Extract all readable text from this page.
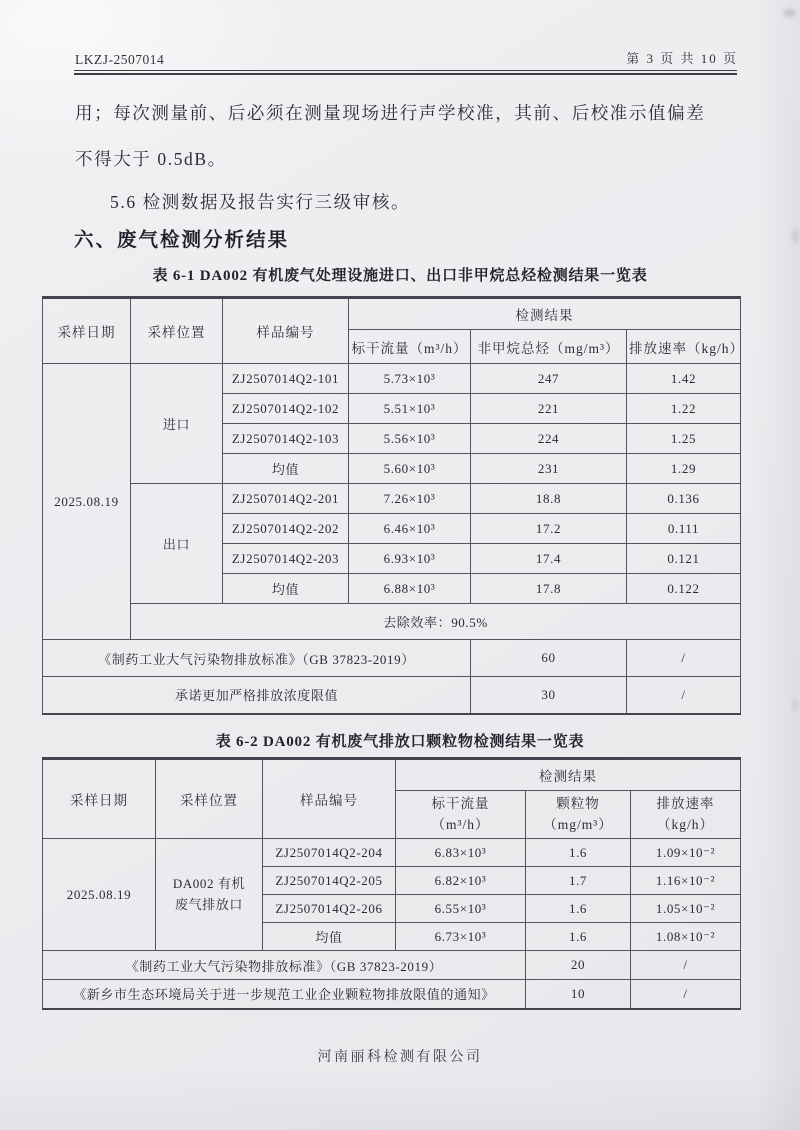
LKZJ-2507014	第 3 页 共 10 页
用；每次测量前、后必须在测量现场进行声学校准，其前、后校准示值偏差
不得大于 0.5dB。
5.6 检测数据及报告实行三级审核。
六、废气检测分析结果
表 6-1 DA002 有机废气处理设施进口、出口非甲烷总烃检测结果一览表
采样日期	采样位置	样品编号	检测结果		
			标干流量（m³/h）	非甲烷总烃（mg/m³）	排放速率（kg/h）
2025.08.19	进口	ZJ2507014Q2-101	5.73×10³	247	1.42
		ZJ2507014Q2-102	5.51×10³	221	1.22
		ZJ2507014Q2-103	5.56×10³	224	1.25
		均值	5.60×10³	231	1.29
	出口	ZJ2507014Q2-201	7.26×10³	18.8	0.136
		ZJ2507014Q2-202	6.46×10³	17.2	0.111
		ZJ2507014Q2-203	6.93×10³	17.4	0.121
		均值	6.88×10³	17.8	0.122
	去除效率：90.5%				
《制药工业大气污染物排放标准》（GB 37823-2019）				60	/
承诺更加严格排放浓度限值				30	/
表 6-2 DA002 有机废气排放口颗粒物检测结果一览表
采样日期	采样位置	样品编号	检测结果		
			标干流量
（m³/h）	颗粒物
（mg/m³）	排放速率
（kg/h）
2025.08.19	DA002 有机
废气排放口	ZJ2507014Q2-204	6.83×10³	1.6	1.09×10⁻²
		ZJ2507014Q2-205	6.82×10³	1.7	1.16×10⁻²
		ZJ2507014Q2-206	6.55×10³	1.6	1.05×10⁻²
		均值	6.73×10³	1.6	1.08×10⁻²
《制药工业大气污染物排放标准》（GB 37823-2019）				20	/
《新乡市生态环境局关于进一步规范工业企业颗粒物排放限值的通知》				10	/
河南丽科检测有限公司
